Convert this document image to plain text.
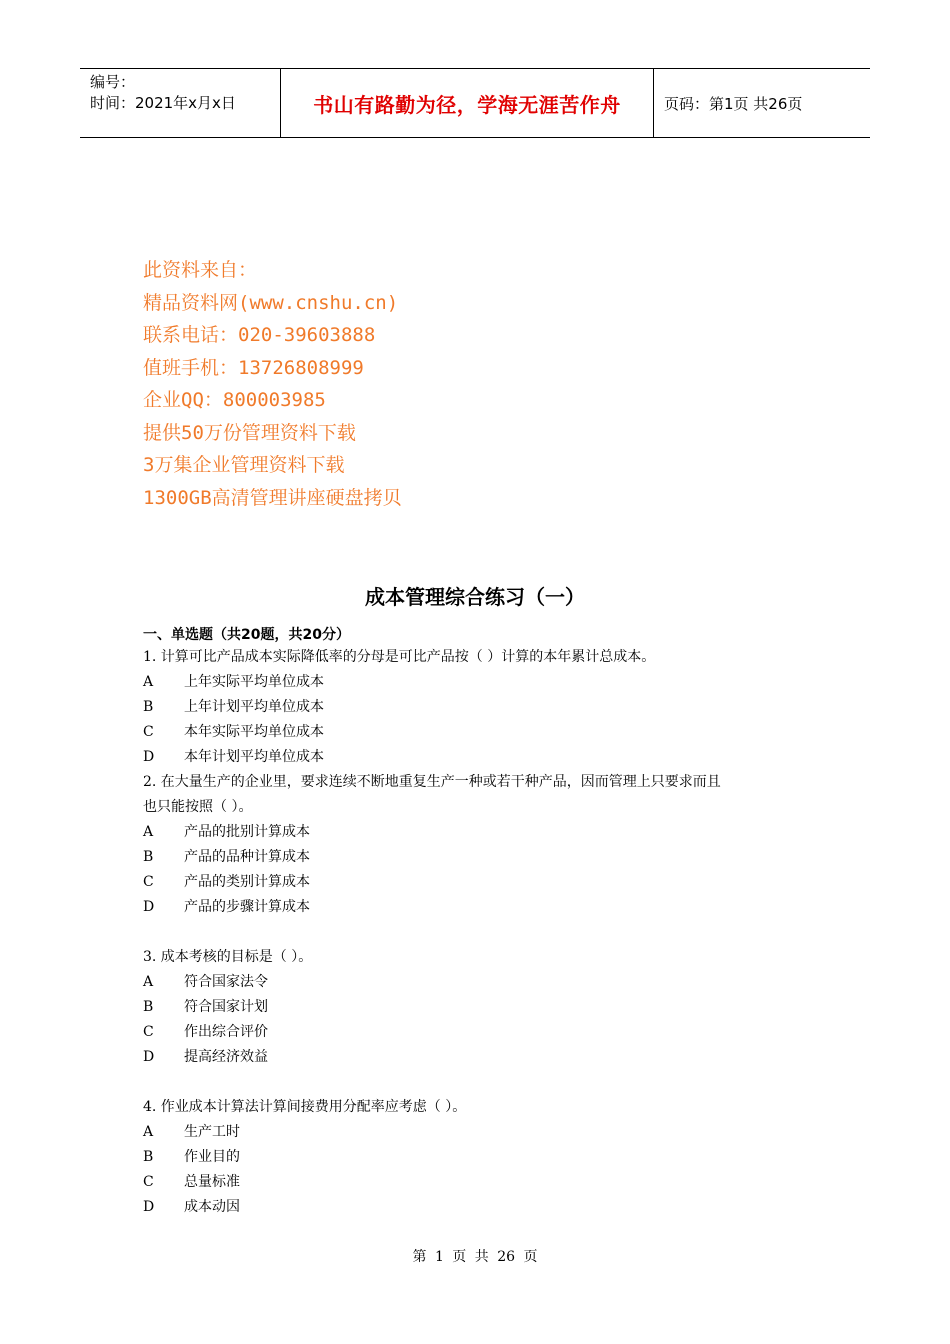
编号：
时间：2021年x月x日	书山有路勤为径，学海无涯苦作舟	页码：第1页 共26页
此资料来自：
精品资料网(www.cnshu.cn)
联系电话：020-39603888
值班手机：13726808999
企业QQ：800003985
提供50万份管理资料下载
3万集企业管理资料下载
1300GB高清管理讲座硬盘拷贝
成本管理综合练习（一）
一、单选题（共20题，共20分）
1. 计算可比产品成本实际降低率的分母是可比产品按（ ）计算的本年累计总成本。
A	上年实际平均单位成本
B	上年计划平均单位成本
C	本年实际平均单位成本
D	本年计划平均单位成本
2. 在大量生产的企业里，要求连续不断地重复生产一种或若干种产品，因而管理上只要求而且
也只能按照（ ）。
A	产品的批别计算成本
B	产品的品种计算成本
C	产品的类别计算成本
D	产品的步骤计算成本
3. 成本考核的目标是（ ）。
A	符合国家法令
B	符合国家计划
C	作出综合评价
D	提高经济效益
4. 作业成本计算法计算间接费用分配率应考虑（ ）。
A	生产工时
B	作业目的
C	总量标准
D	成本动因
第 1 页 共 26 页
